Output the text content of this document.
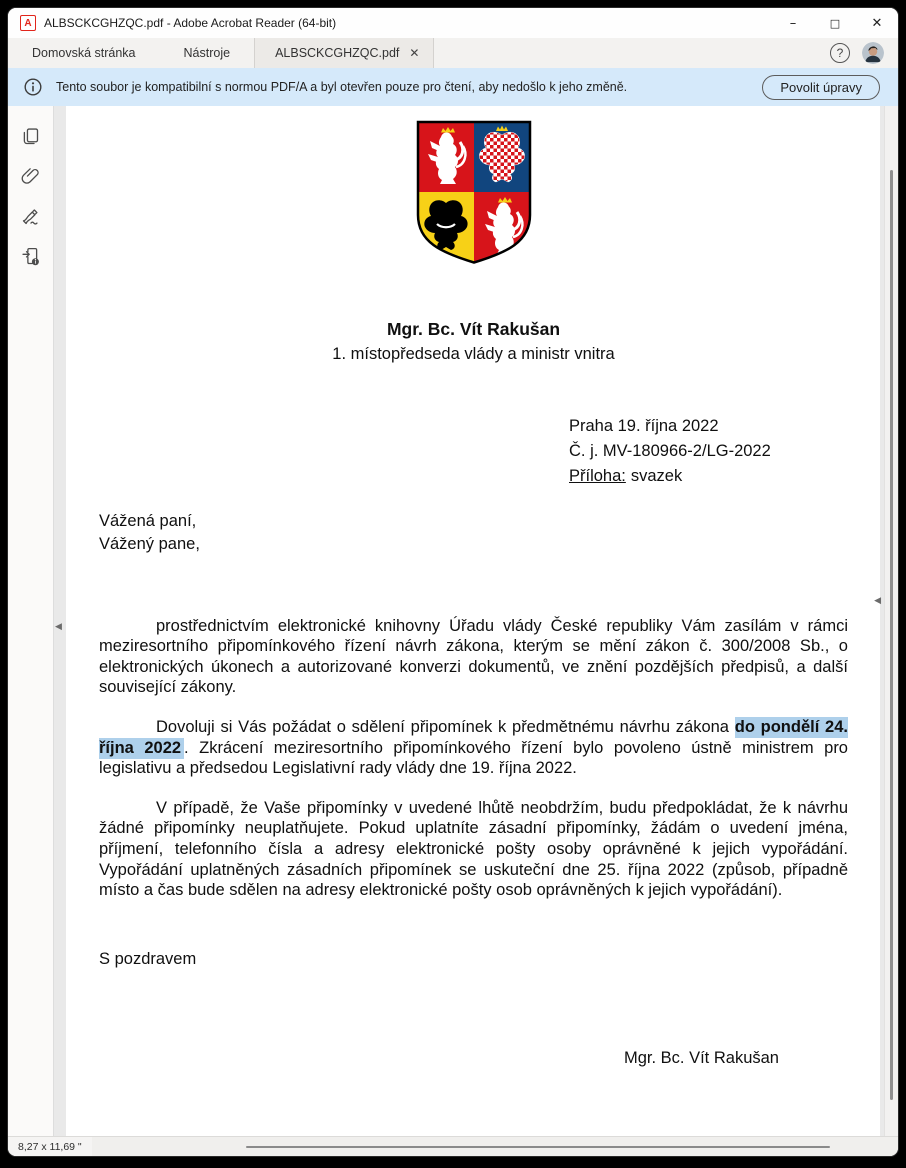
A	ALBSCKCGHZQC.pdf - Adobe Acrobat Reader (64-bit)	–	□	✕
Domovská stránka	Nástroje	ALBSCKCGHZQC.pdf ✕	?
Tento soubor je kompatibilní s normou PDF/A a byl otevřen pouze pro čtení, aby nedošlo k jeho změně.	Povolit úpravy
Mgr. Bc. Vít Rakušan
1. místopředseda vlády a ministr vnitra
Praha 19. října 2022
Č. j. MV-180966-2/LG-2022
Příloha: svazek
Vážená paní,
Vážený pane,

prostřednictvím elektronické knihovny Úřadu vlády České republiky Vám zasílám v rámci meziresortního připomínkového řízení návrh zákona, kterým se mění zákon č. 300/2008 Sb., o elektronických úkonech a autorizované konverzi dokumentů, ve znění pozdějších předpisů, a další související zákony.

Dovoluji si Vás požádat o sdělení připomínek k předmětnému návrhu zákona do pondělí 24. října 2022 . Zkrácení meziresortního připomínkového řízení bylo povoleno ústně ministrem pro legislativu a předsedou Legislativní rady vlády dne 19. října 2022.

V případě, že Vaše připomínky v uvedené lhůtě neobdržím, budu předpokládat, že k návrhu žádné připomínky neuplatňujete. Pokud uplatníte zásadní připomínky, žádám o uvedení jména, příjmení, telefonního čísla a adresy elektronické pošty osoby oprávněné k jejich vypořádání. Vypořádání uplatněných zásadních připomínek se uskuteční dne 25. října 2022 (způsob, případně místo a čas bude sdělen na adresy elektronické pošty osob oprávněných k jejich vypořádání).

S pozdravem
Mgr. Bc. Vít Rakušan
◀
◀
8,27 x 11,69 "
